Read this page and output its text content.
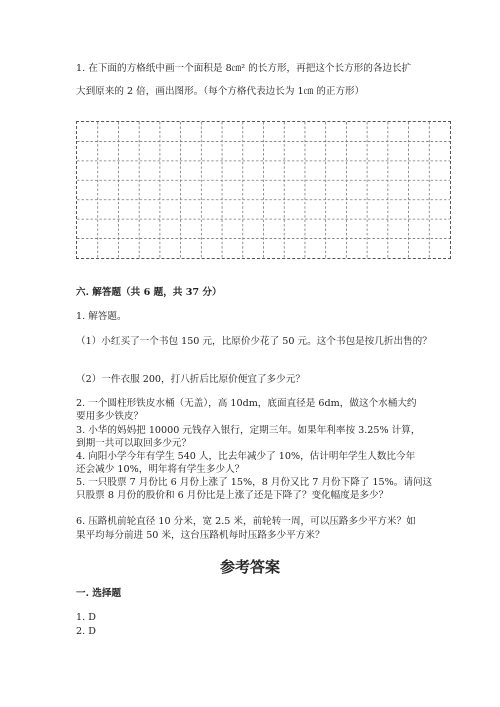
1. 在下面的方格纸中画一个面积是 8㎝² 的长方形，再把这个长方形的各边长扩
大到原来的 2 倍，画出图形。（每个方格代表边长为 1㎝ 的正方形）
六. 解答题（共 6 题，共 37 分）
1. 解答题。
（1）小红买了一个书包 150 元，比原价少花了 50 元。这个书包是按几折出售的？
（2）一件衣服 200，打八折后比原价便宜了多少元？
2. 一个圆柱形铁皮水桶（无盖），高 10dm，底面直径是 6dm，做这个水桶大约
要用多少铁皮？
3. 小华的妈妈把 10000 元钱存入银行，定期三年。如果年利率按 3.25% 计算，
到期一共可以取回多少元？
4. 向阳小学今年有学生 540 人，比去年减少了 10%，估计明年学生人数比今年
还会减少 10%，明年将有学生多少人？
5. 一只股票 7 月份比 6 月份上涨了 15%，8 月份又比 7 月份下降了 15%。请问这
只股票 8 月份的股价和 6 月份比是上涨了还是下降了？变化幅度是多少？
6. 压路机前轮直径 10 分米，宽 2.5 米，前轮转一周，可以压路多少平方米？如
果平均每分前进 50 米，这台压路机每时压路多少平方米？
参考答案
一. 选择题
1. D
2. D
